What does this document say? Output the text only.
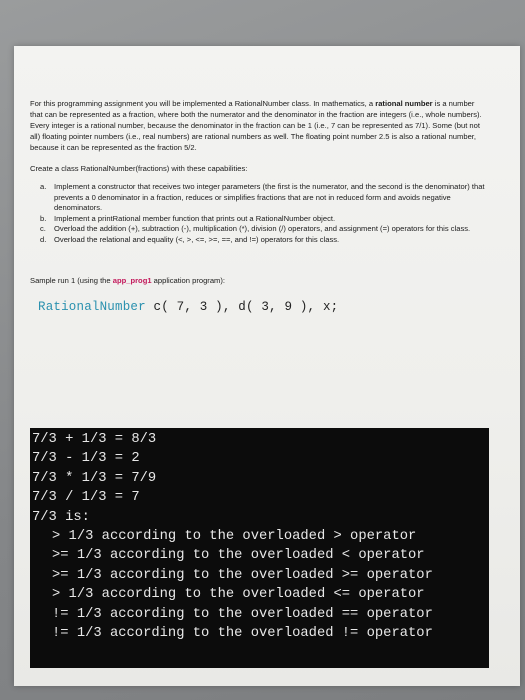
For this programming assignment you will be implemented a RationalNumber class. In mathematics, a rational number is a number that can be represented as a fraction, where both the numerator and the denominator in the fraction are integers (i.e., whole numbers). Every integer is a rational number, because the denominator in the fraction can be 1 (i.e., 7 can be represented as 7/1). Some (but not all) floating pointer numbers (i.e., real numbers) are rational numbers as well. The floating point number 2.5 is also a rational number, because it can be represented as the fraction 5/2.

Create a class RationalNumber(fractions) with these capabilities:

a.	Implement a constructor that receives two integer parameters (the first is the numerator, and the second is the denominator) that prevents a 0 denominator in a fraction, reduces or simplifies fractions that are not in reduced form and avoids negative denominators.
b.	Implement a printRational member function that prints out a RationalNumber object.
c.	Overload the addition (+), subtraction (-), multiplication (*), division (/) operators, and assignment (=) operators for this class.
d.	Overload the relational and equality (<, >, <=, >=, ==, and !=) operators for this class.

Sample run 1 (using the app_prog1 application program):

RationalNumber c( 7, 3 ), d( 3, 9 ), x;
7/3 + 1/3 = 8/3
7/3 - 1/3 = 2
7/3 * 1/3 = 7/9
7/3 / 1/3 = 7
7/3 is:
> 1/3 according to the overloaded > operator
>= 1/3 according to the overloaded < operator
>= 1/3 according to the overloaded >= operator
> 1/3 according to the overloaded <= operator
!= 1/3 according to the overloaded == operator
!= 1/3 according to the overloaded != operator
